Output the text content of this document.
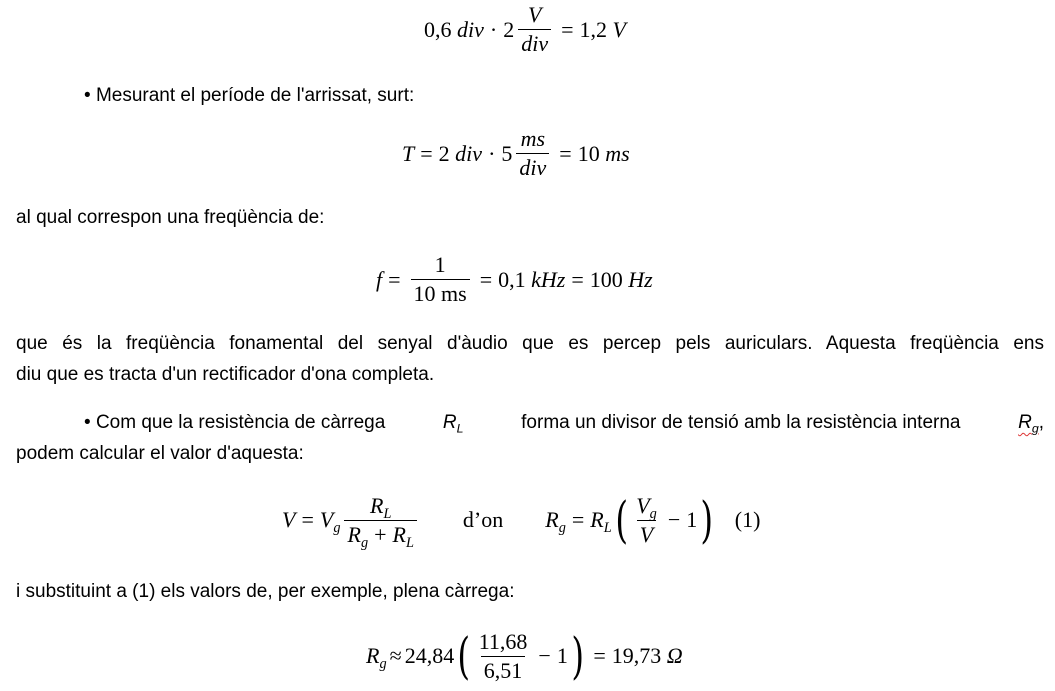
0,6
div · $2 \frac{V}{\text{div}} = 1,2$
V
• Mesurant el període de l'arrissat, surt:
T = 2
div · $5 \frac{ms}{\text{div}} = 10$
ms
al qual correspon una freqüència de:
$f = \frac{1}{10 ms} = 0,1$
kHz = 100
Hz
que és la freqüència fonamental del senyal d'àudio que es percep pels auriculars. Aquesta freqüència ens
diu que es tracta d'un rectificador d'ona completa.
• Com que la resistència de càrrega	$R_L$	forma un divisor de tensió amb la resistència interna	$R_g$,
podem calcular el valor d'aquesta:
$V = V_g \frac{R_L}{R_g + R_L}$ d’on $R_g = R_L$ ( $\frac{V_g}{V} - 1$ ) (1)
i substituint a (1) els valors de, per exemple, plena càrrega:
$R_g \approx 24,84$ ( $\frac{11,68}{6,51} - 1$ ) = 19,73
Ω
